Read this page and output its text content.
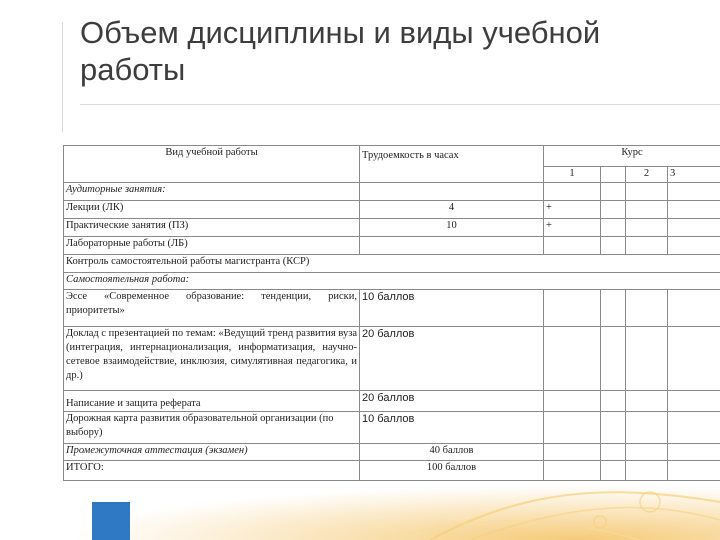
Объем дисциплины и виды учебной
работы
POWERLEXIS
Вид учебной работы	Трудоемкость в часах	Курс			
		1		2	3
Аудиторные занятия:					
Лекции (ЛК)	4	+			
Практические занятия (ПЗ)	10	+			
Лабораторные работы (ЛБ)					
Контроль самостоятельной работы магистранта (КСР)					
Самостоятельная работа:					
Эссе «Современное образование: тенденции, риски, приоритеты»	10 баллов				
Доклад с презентацией по темам: «Ведущий тренд развития вуза (интеграция, интернационализация, информатизация, научно-сетевое взаимодействие, инклюзия, симулятивная педагогика, и др.)	20 баллов				
Написание и защита реферата	20 баллов				
Дорожная карта развития образовательной организации (по выбору)	10 баллов				
Промежуточная аттестация (экзамен)	40 баллов				
ИТОГО:	100 баллов				
